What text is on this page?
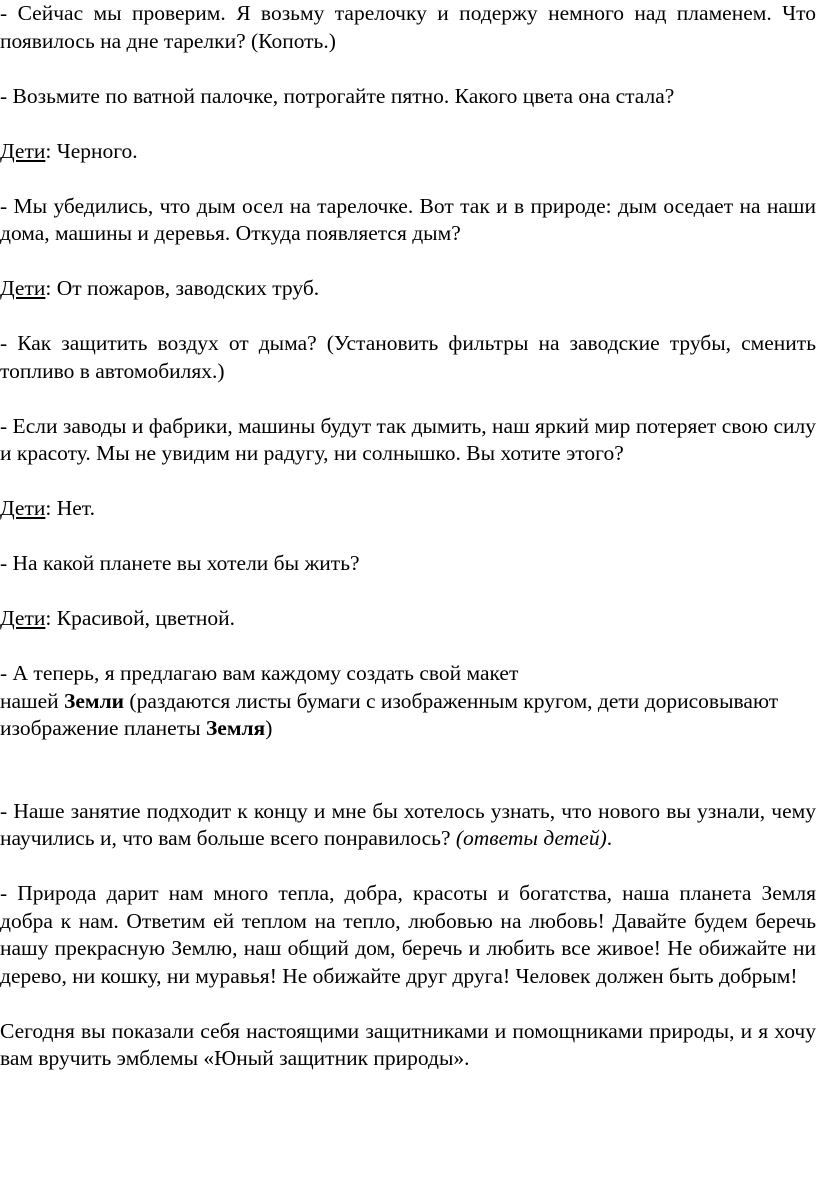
- Сейчас мы проверим. Я возьму тарелочку и подержу немного над пламенем. Что появилось на дне тарелки? (Копоть.)

- Возьмите по ватной палочке, потрогайте пятно. Какого цвета она стала?

Дети: Черного.

- Мы убедились, что дым осел на тарелочке. Вот так и в природе: дым оседает на наши дома, машины и деревья. Откуда появляется дым?

Дети: От пожаров, заводских труб.

- Как защитить воздух от дыма? (Установить фильтры на заводские трубы, сменить топливо в автомобилях.)

- Если заводы и фабрики, машины будут так дымить, наш яркий мир потеряет свою силу и красоту. Мы не увидим ни радугу, ни солнышко. Вы хотите этого?

Дети: Нет.

- На какой планете вы хотели бы жить?

Дети: Красивой, цветной.

- А теперь, я предлагаю вам каждому создать свой макет

нашей Земли (раздаются листы бумаги с изображенным кругом, дети дорисовывают изображение планеты Земля)

- Наше занятие подходит к концу и мне бы хотелось узнать, что нового вы узнали, чему научились и, что вам больше всего понравилось? (ответы детей).

- Природа дарит нам много тепла, добра, красоты и богатства, наша планета Земля добра к нам. Ответим ей теплом на тепло, любовью на любовь! Давайте будем беречь нашу прекрасную Землю, наш общий дом, беречь и любить все живое! Не обижайте ни дерево, ни кошку, ни муравья! Не обижайте друг друга! Человек должен быть добрым!

Сегодня вы показали себя настоящими защитниками и помощниками природы, и я хочу вам вручить эмблемы «Юный защитник природы».
